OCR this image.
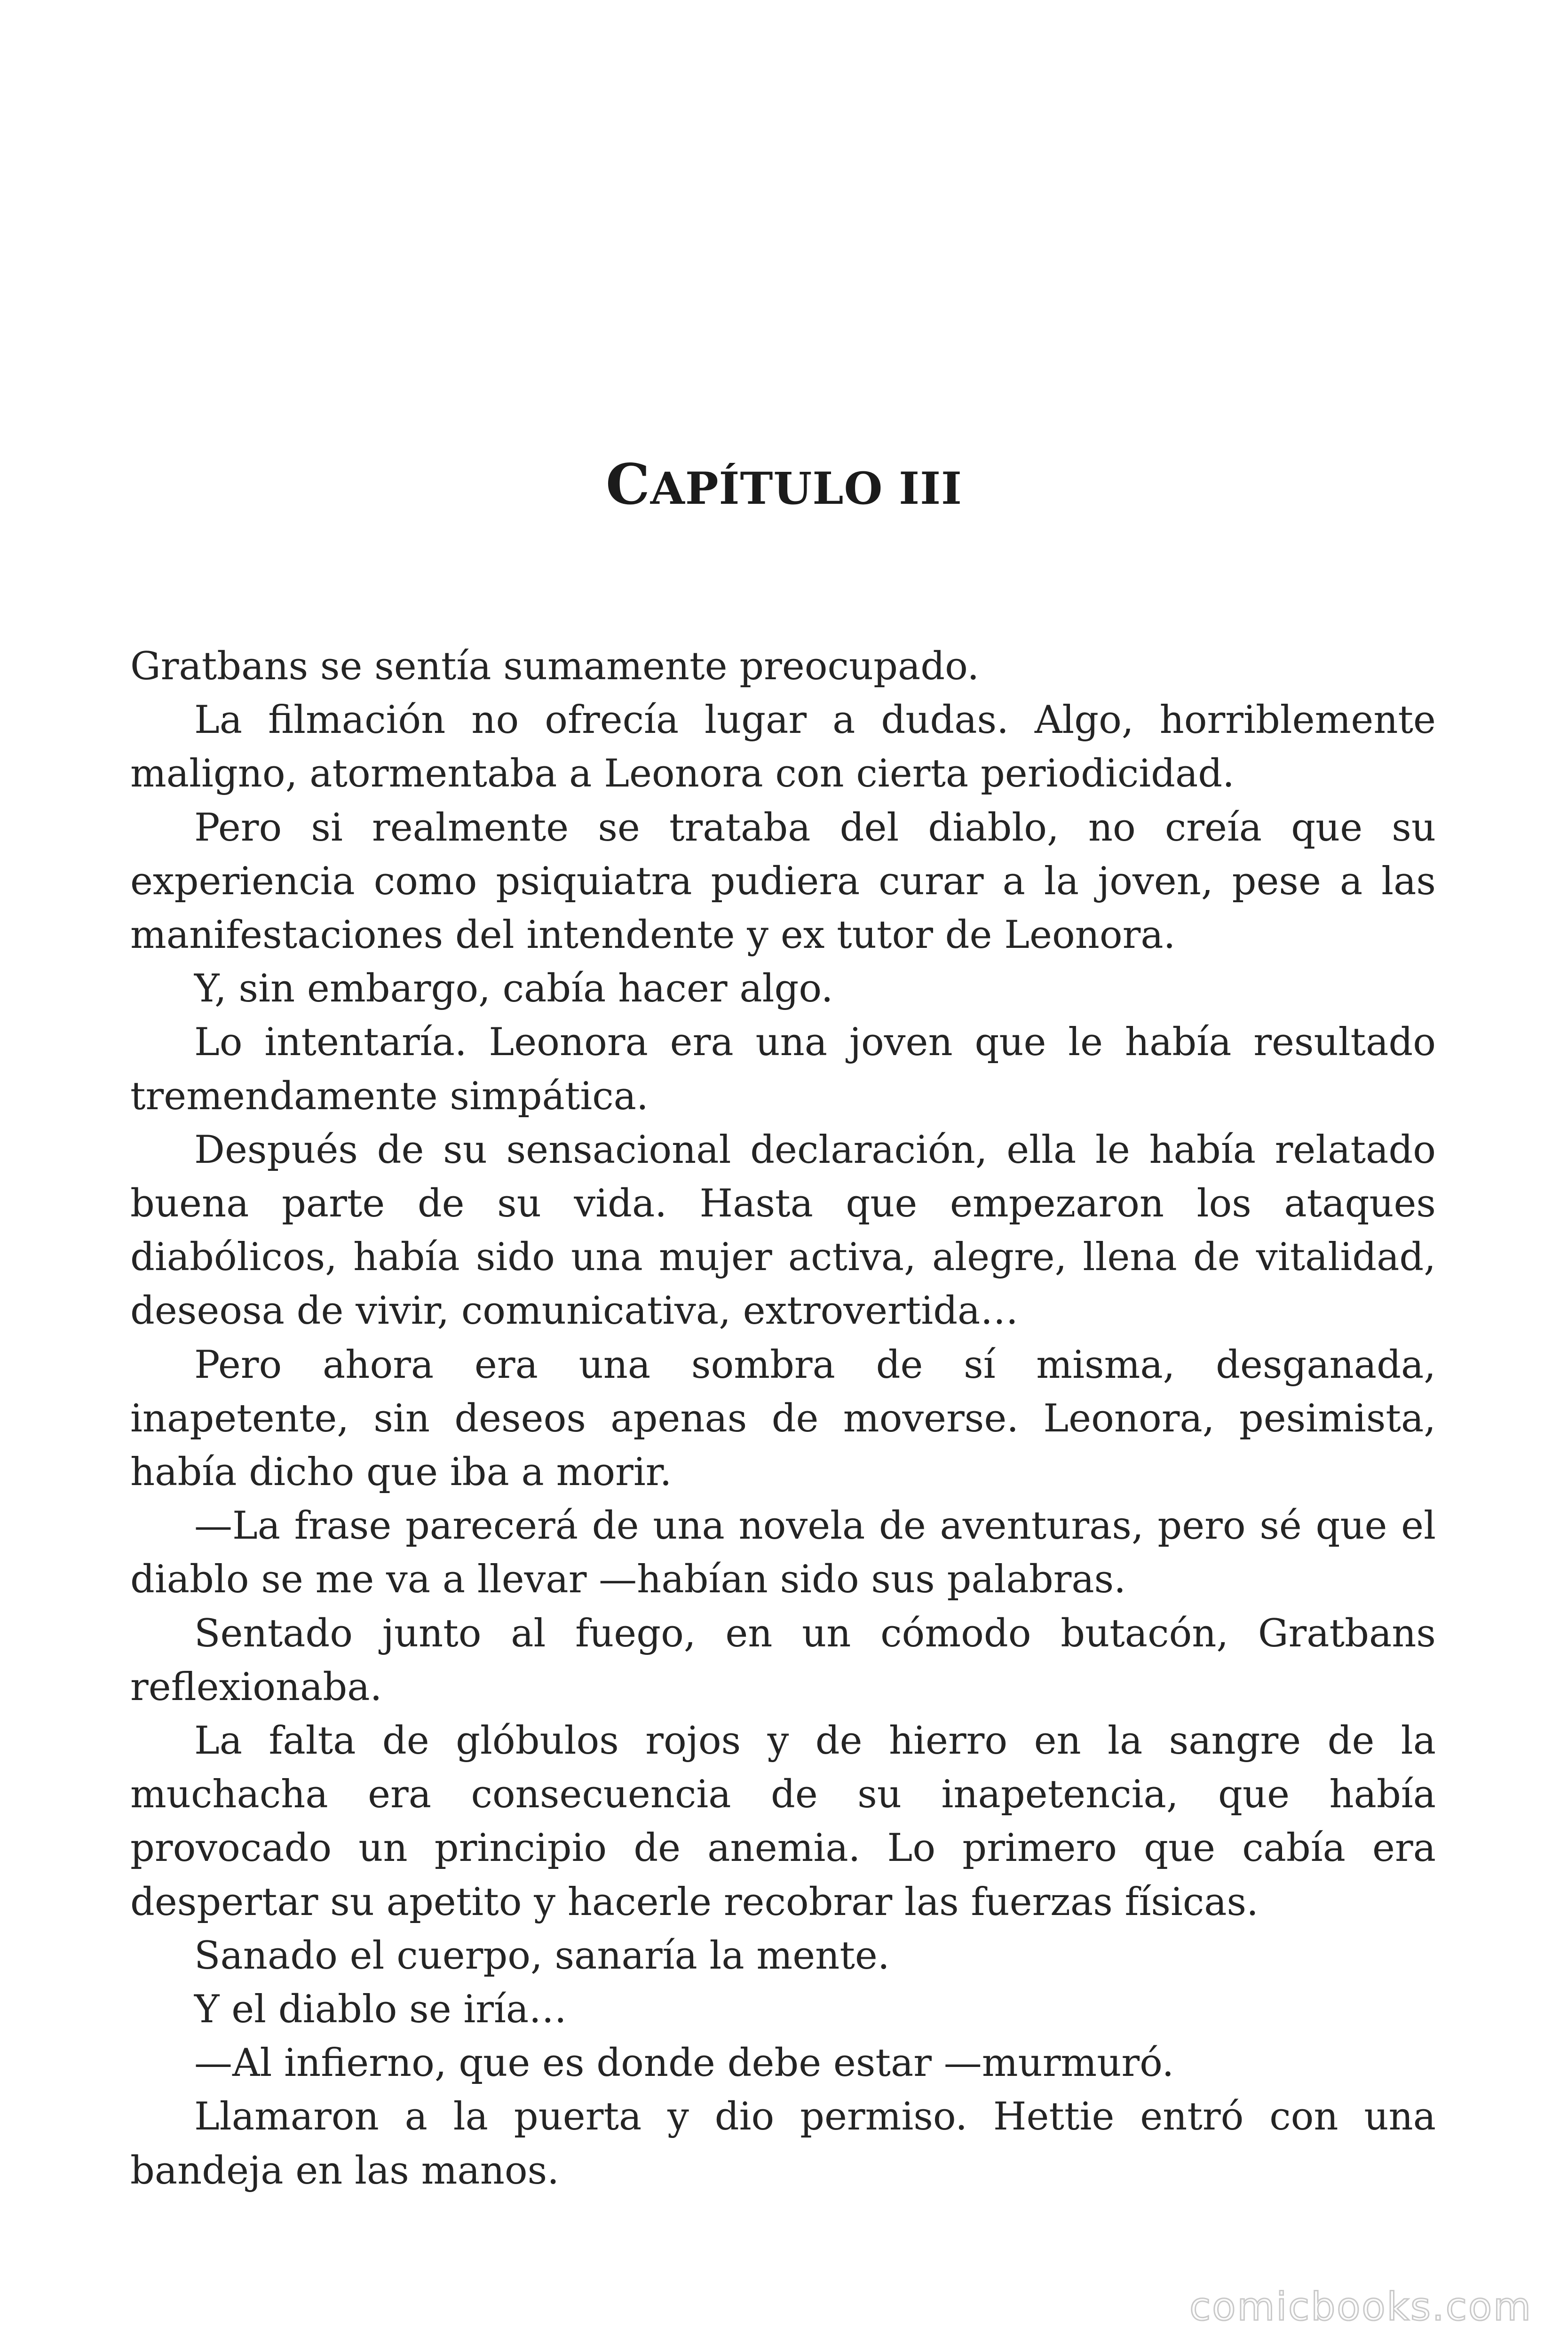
CAPÍTULO III

Gratbans se sentía sumamente preocupado.

La filmación no ofrecía lugar a dudas. Algo, horriblemente maligno, atormentaba a Leonora con cierta periodicidad.

Pero si realmente se trataba del diablo, no creía que su experiencia como psiquiatra pudiera curar a la joven, pese a las manifestaciones del intendente y ex tutor de Leonora.

Y, sin embargo, cabía hacer algo.

Lo intentaría. Leonora era una joven que le había resultado tremendamente simpática.

Después de su sensacional declaración, ella le había relatado buena parte de su vida. Hasta que empezaron los ataques diabólicos, había sido una mujer activa, alegre, llena de vitalidad, deseosa de vivir, comunicativa, extrovertida…

Pero ahora era una sombra de sí misma, desganada, inapetente, sin deseos apenas de moverse. Leonora, pesimista, había dicho que iba a morir.

—La frase parecerá de una novela de aventuras, pero sé que el diablo se me va a llevar —habían sido sus palabras.

Sentado junto al fuego, en un cómodo butacón, Gratbans reflexionaba.

La falta de glóbulos rojos y de hierro en la sangre de la muchacha era consecuencia de su inapetencia, que había provocado un principio de anemia. Lo primero que cabía era despertar su apetito y hacerle recobrar las fuerzas físicas.

Sanado el cuerpo, sanaría la mente.

Y el diablo se iría…

—Al infierno, que es donde debe estar —murmuró.

Llamaron a la puerta y dio permiso. Hettie entró con una bandeja en las manos.

comicbooks.com
